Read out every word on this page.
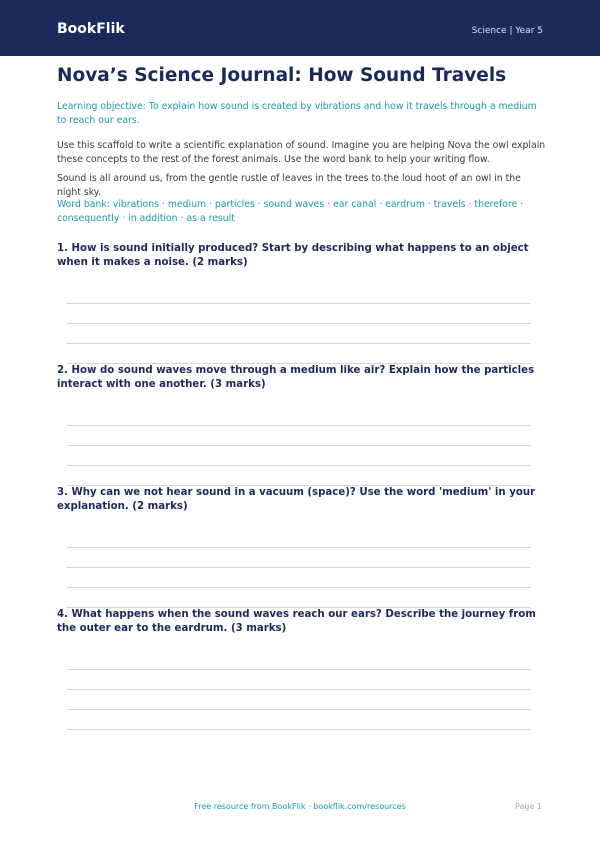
BookFlik	Science | Year 5
Nova’s Science Journal: How Sound Travels
Learning objective: To explain how sound is created by vibrations and how it travels through a medium to reach our ears.
Use this scaffold to write a scientific explanation of sound. Imagine you are helping Nova the owl explain these concepts to the rest of the forest animals. Use the word bank to help your writing flow.
Sound is all around us, from the gentle rustle of leaves in the trees to the loud hoot of an owl in the night sky.
Word bank: vibrations · medium · particles · sound waves · ear canal · eardrum · travels · therefore · consequently · in addition · as a result
1. How is sound initially produced? Start by describing what happens to an object when it makes a noise. (2 marks)
2. How do sound waves move through a medium like air? Explain how the particles interact with one another. (3 marks)
3. Why can we not hear sound in a vacuum (space)? Use the word 'medium' in your explanation. (2 marks)
4. What happens when the sound waves reach our ears? Describe the journey from the outer ear to the eardrum. (3 marks)
Free resource from BookFlik · bookflik.com/resources	Page 1
